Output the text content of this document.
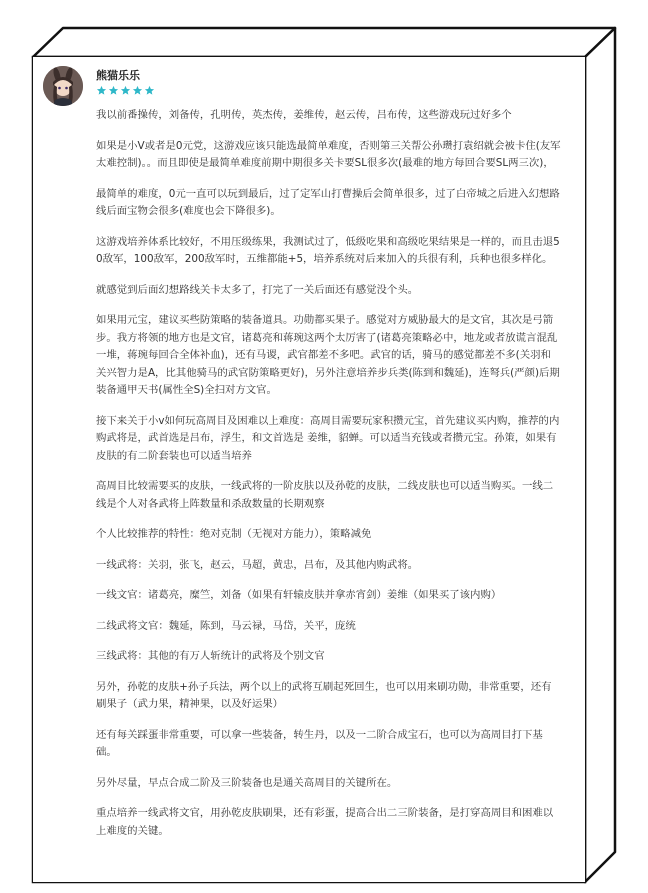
熊猫乐乐

我以前番操传，刘备传，孔明传，英杰传，姜维传，赵云传，吕布传，这些游戏玩过好多个

如果是小V或者是0元党，这游戏应该只能选最简单难度，否则第三关帮公孙瓒打袁绍就会被卡住(友军太难控制)。。而且即使是最简单难度前期中期很多关卡要SL很多次(最难的地方每回合要SL两三次)，

最简单的难度，0元一直可以玩到最后，过了定军山打曹操后会简单很多，过了白帝城之后进入幻想路线后面宝物会很多(难度也会下降很多)。

这游戏培养体系比较好，不用压级练果，我测试过了，低级吃果和高级吃果结果是一样的，而且击退50敌军，100敌军，200敌军时，五维都能+5，培养系统对后来加入的兵很有利，兵种也很多样化。

就感觉到后面幻想路线关卡太多了，打完了一关后面还有感觉没个头。

如果用元宝，建议买些防策略的装备道具。功勋都买果子。感觉对方威胁最大的是文官，其次是弓箭步。我方将领的地方也是文官，诸葛亮和蒋琬这两个太厉害了(诸葛亮策略必中，地龙或者放谎言混乱一堆，蒋琬每回合全体补血)，还有马谡，武官都差不多吧。武官的话，骑马的感觉都差不多(关羽和关兴智力是A，比其他骑马的武官防策略更好)，另外注意培养步兵类(陈到和魏延)，连弩兵(严颜)后期装备通甲天书(属性全S)全扫对方文官。

接下来关于小v如何玩高周目及困难以上难度：高周目需要玩家积攒元宝，首先建议买内购，推荐的内购武将是，武首选是吕布，浮生，和文首选是 姜维，貂蝉。可以适当充钱或者攒元宝。孙策，如果有皮肤的有二阶套装也可以适当培养

高周目比较需要买的皮肤，一线武将的一阶皮肤以及孙乾的皮肤，二线皮肤也可以适当购买。一线二线是个人对各武将上阵数量和杀敌数量的长期观察

个人比较推荐的特性：绝对克制（无视对方能力），策略减免

一线武将：关羽，张飞，赵云，马超，黄忠，吕布，及其他内购武将。

一线文官：诸葛亮，糜竺，刘备（如果有轩辕皮肤并拿赤宵剑）姜维（如果买了该内购）

二线武将文官：魏延，陈到，马云禄，马岱，关平，庞统

三线武将：其他的有万人斩统计的武将及个别文官

另外，孙乾的皮肤+孙子兵法，两个以上的武将互刷起死回生，也可以用来刷功勋，非常重要，还有刷果子（武力果，精神果，以及好运果）

还有每关踩蛋非常重要，可以拿一些装备，转生丹，以及一二阶合成宝石，也可以为高周目打下基础。

另外尽量，早点合成二阶及三阶装备也是通关高周目的关键所在。

重点培养一线武将文官，用孙乾皮肤刷果，还有彩蛋，提高合出二三阶装备，是打穿高周目和困难以上难度的关键。
